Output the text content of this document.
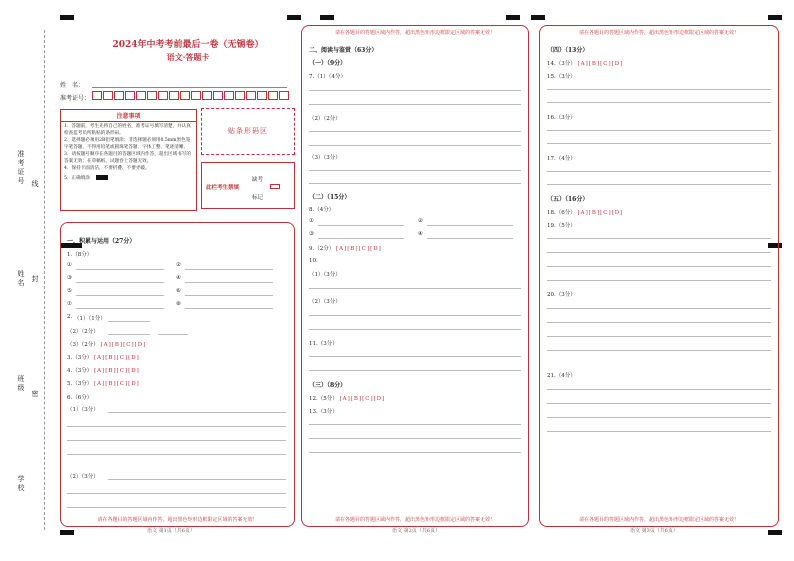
准考证号 线
姓名 封
班级
密
学校
2024年中考考前最后一卷（无锡卷）
语文·答题卡
姓　名：
准考证号：
注意事项
1．答题前，考生先将自己的姓名，准考证号填写清楚，并认真检查监考员所粘贴的条形码。
2．选择题必须用2B铅笔填涂；非选择题必须用0.5mm黑色签字笔答题，不得用铅笔或圆珠笔答题；字体工整、笔迹清晰。
3．请按题号顺序在各题目的答题区域内作答，超出区域书写的答案无效；在草稿纸、试题卷上答题无效。
4．保持卡面清洁，不要折叠、不要弄破。
5．正确填涂
贴条形码区
此栏考生禁填
缺考
标记
请在各题目的答题区域内作答，超出黑色矩形边框限定区域的答案无效！
一、积累与运用（27分）
1.（8分）
①	②
③	④
⑤	⑥
⑦	⑧
2. （1）（1分）
（2）（2分）
（3）（2分） [A][B][C][D]
3.（3分） [A][B][C][D]
4.（3分） [A][B][C][D]
5.（3分） [A][B][C][D]
6.（6分）
（1）（3分）
（2）（3分）
语文 第1页（共6页）
请在各题目的答题区域内作答，超出黑色矩形边框限定区域的答案无效！
请在各题目的答题区域内作答，超出黑色矩形边框限定区域的答案无效！
二、阅读与鉴赏（63分）
（一）（9分）
7.（1）（4分）
（2）（2分）
（3）（3分）
（二）（15分）
8.（4分）
①	②
③	④
9.（2分） [A][B][C][D]
10.
（1）（3分）
（2）（3分）
11.（3分）
（三）（8分）
12.（5分） [A][B][C][D]
13.（3分）
语文 第2页（共6页）
请在各题目的答题区域内作答，超出黑色矩形边框限定区域的答案无效！
请在各题目的答题区域内作答，超出黑色矩形边框限定区域的答案无效！
（四）（13分）
14.（3分） [A][B][C][D]
15.（3分）
16.（3分）
17.（4分）
（五）（16分）
18.（6分） [A][B][C][D]
19.（5分）
20.（3分）
21.（4分）
语文 第3页（共6页）
